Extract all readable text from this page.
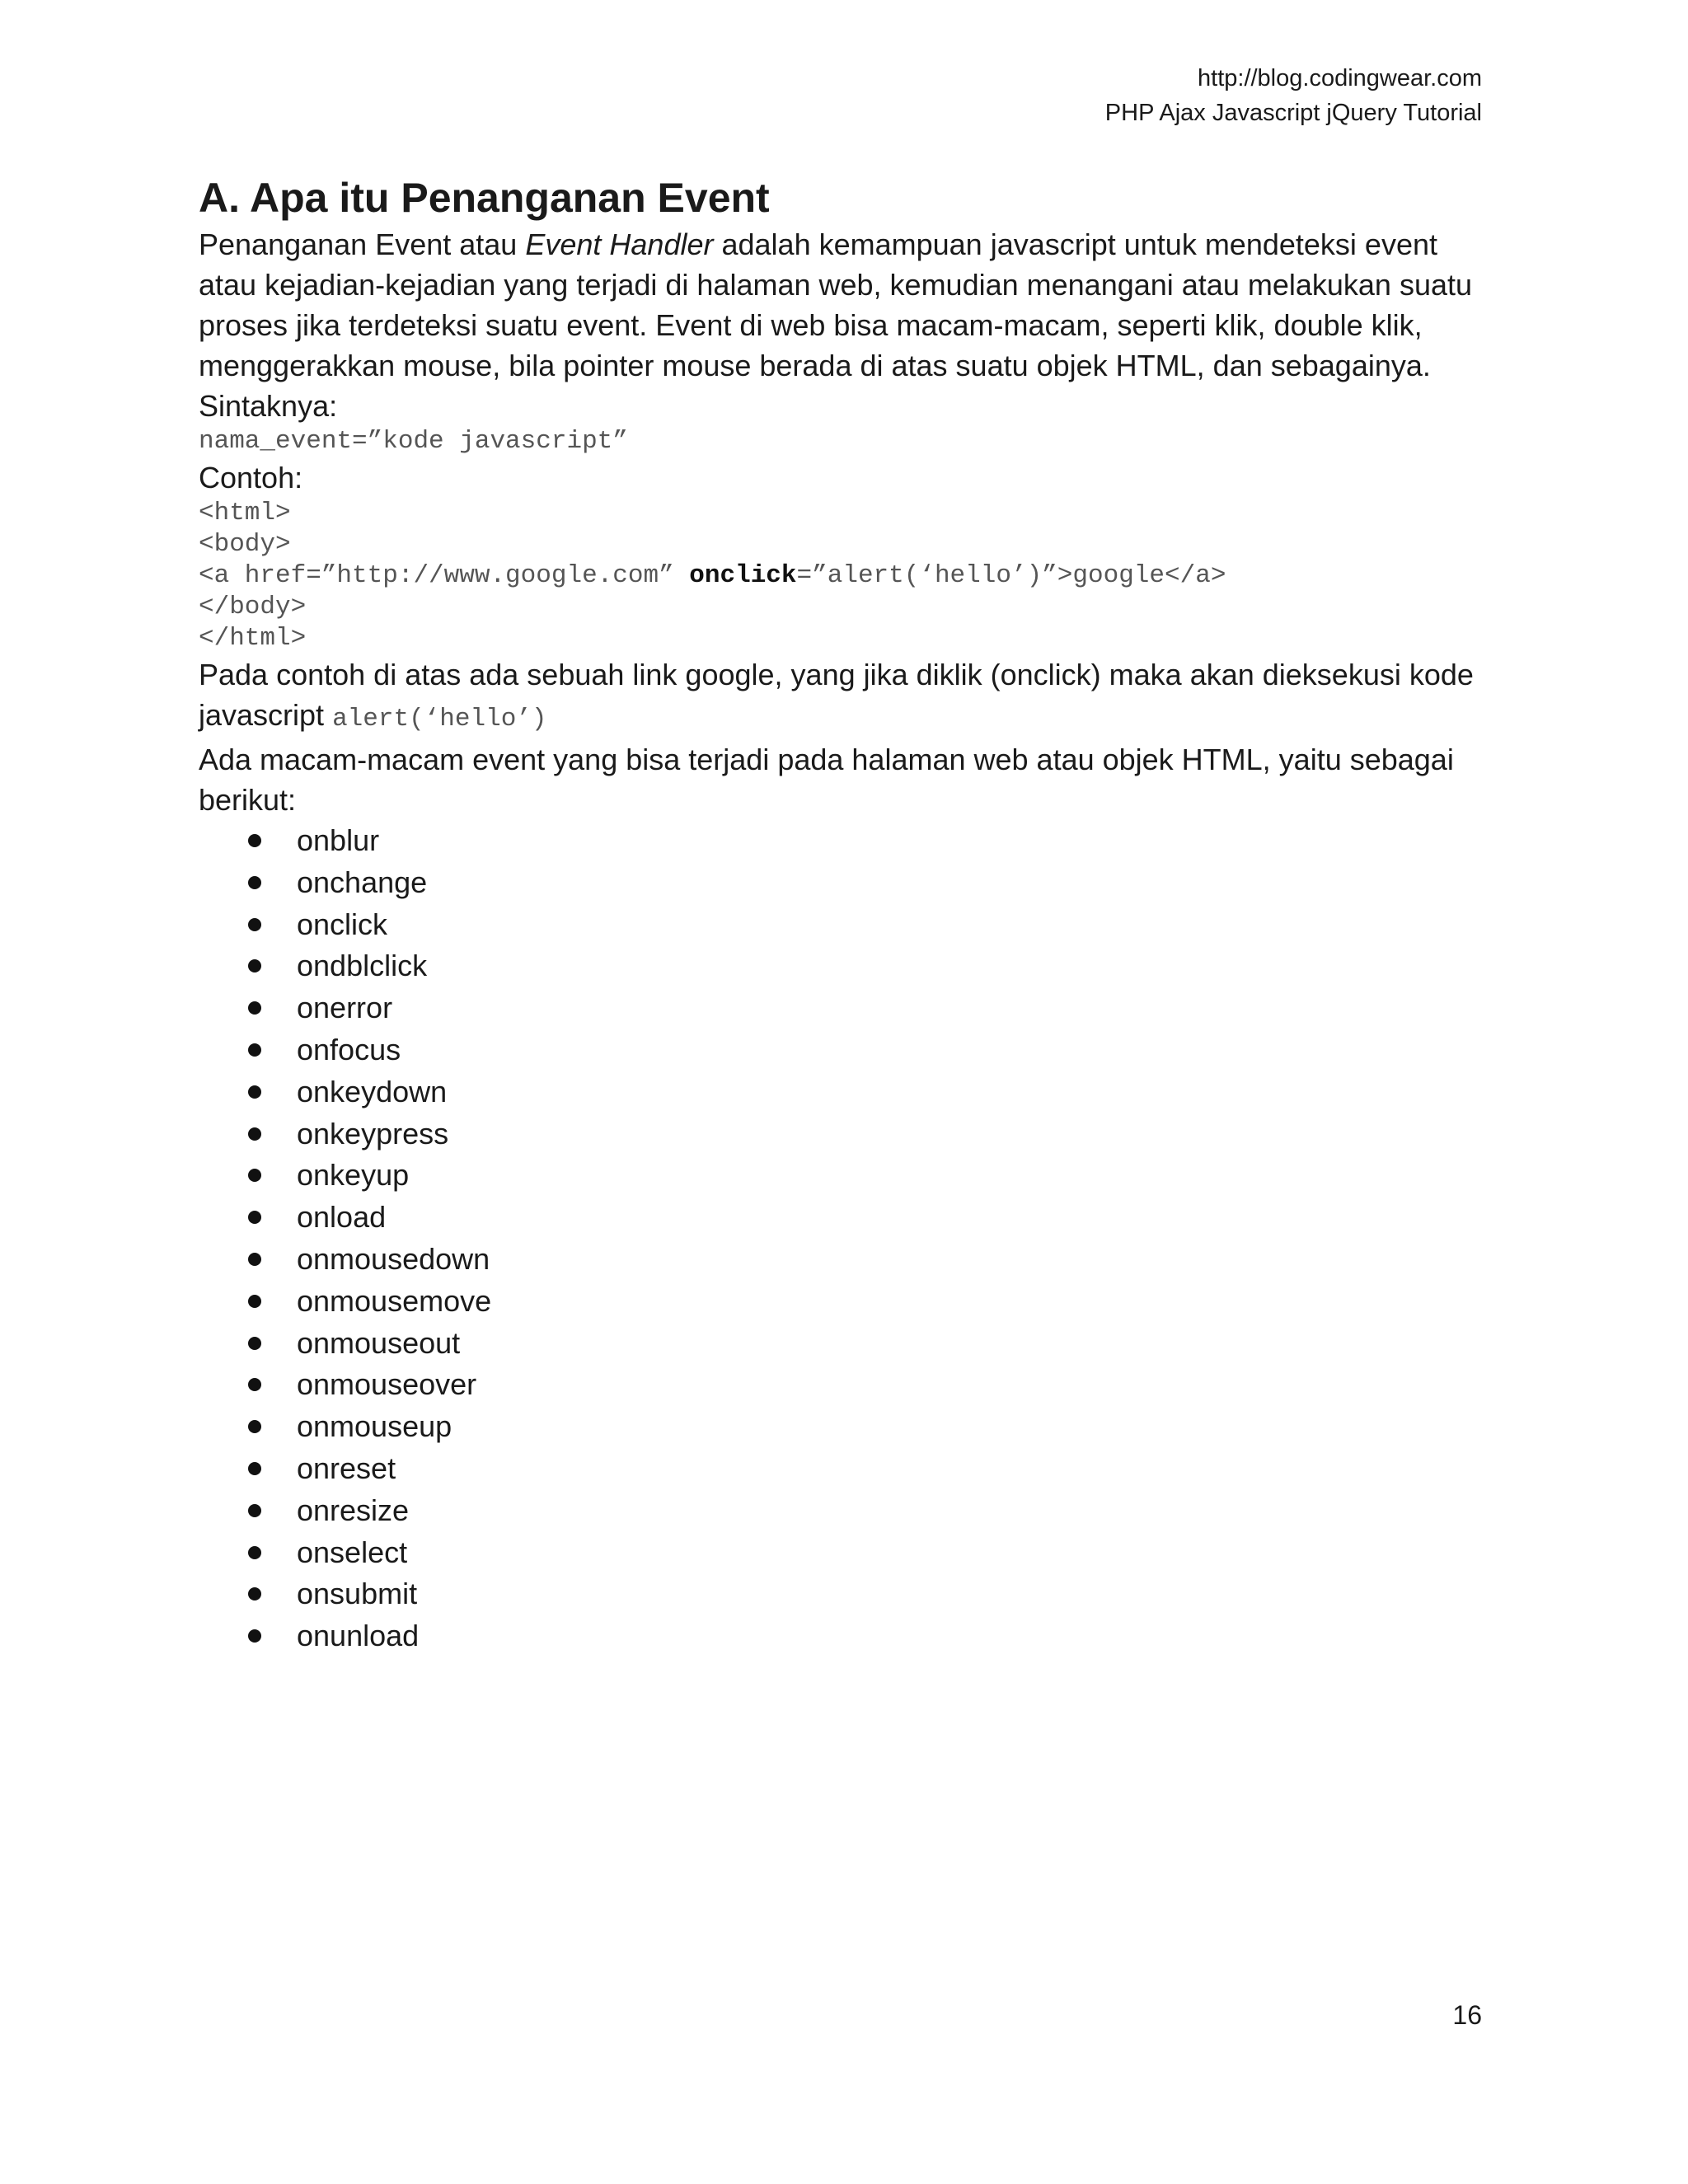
http://blog.codingwear.com
PHP Ajax Javascript jQuery Tutorial
A. Apa itu Penanganan Event

Penanganan Event atau Event Handler adalah kemampuan javascript untuk mendeteksi event atau kejadian-kejadian yang terjadi di halaman web, kemudian menangani atau melakukan suatu proses jika terdeteksi suatu event. Event di web bisa macam-macam, seperti klik, double klik, menggerakkan mouse, bila pointer mouse berada di atas suatu objek HTML, dan sebagainya.

Sintaknya:

nama_event=”kode javascript”

Contoh:

<html>
<body>
<a href=”http://www.google.com” onclick=”alert(‘hello’)”>google</a>
</body>
</html>

Pada contoh di atas ada sebuah link google, yang jika diklik (onclick) maka akan dieksekusi kode javascript alert(‘hello’)

Ada macam-macam event yang bisa terjadi pada halaman web atau objek HTML, yaitu sebagai berikut:

onblur
onchange
onclick
ondblclick
onerror
onfocus
onkeydown
onkeypress
onkeyup
onload
onmousedown
onmousemove
onmouseout
onmouseover
onmouseup
onreset
onresize
onselect
onsubmit
onunload
16
